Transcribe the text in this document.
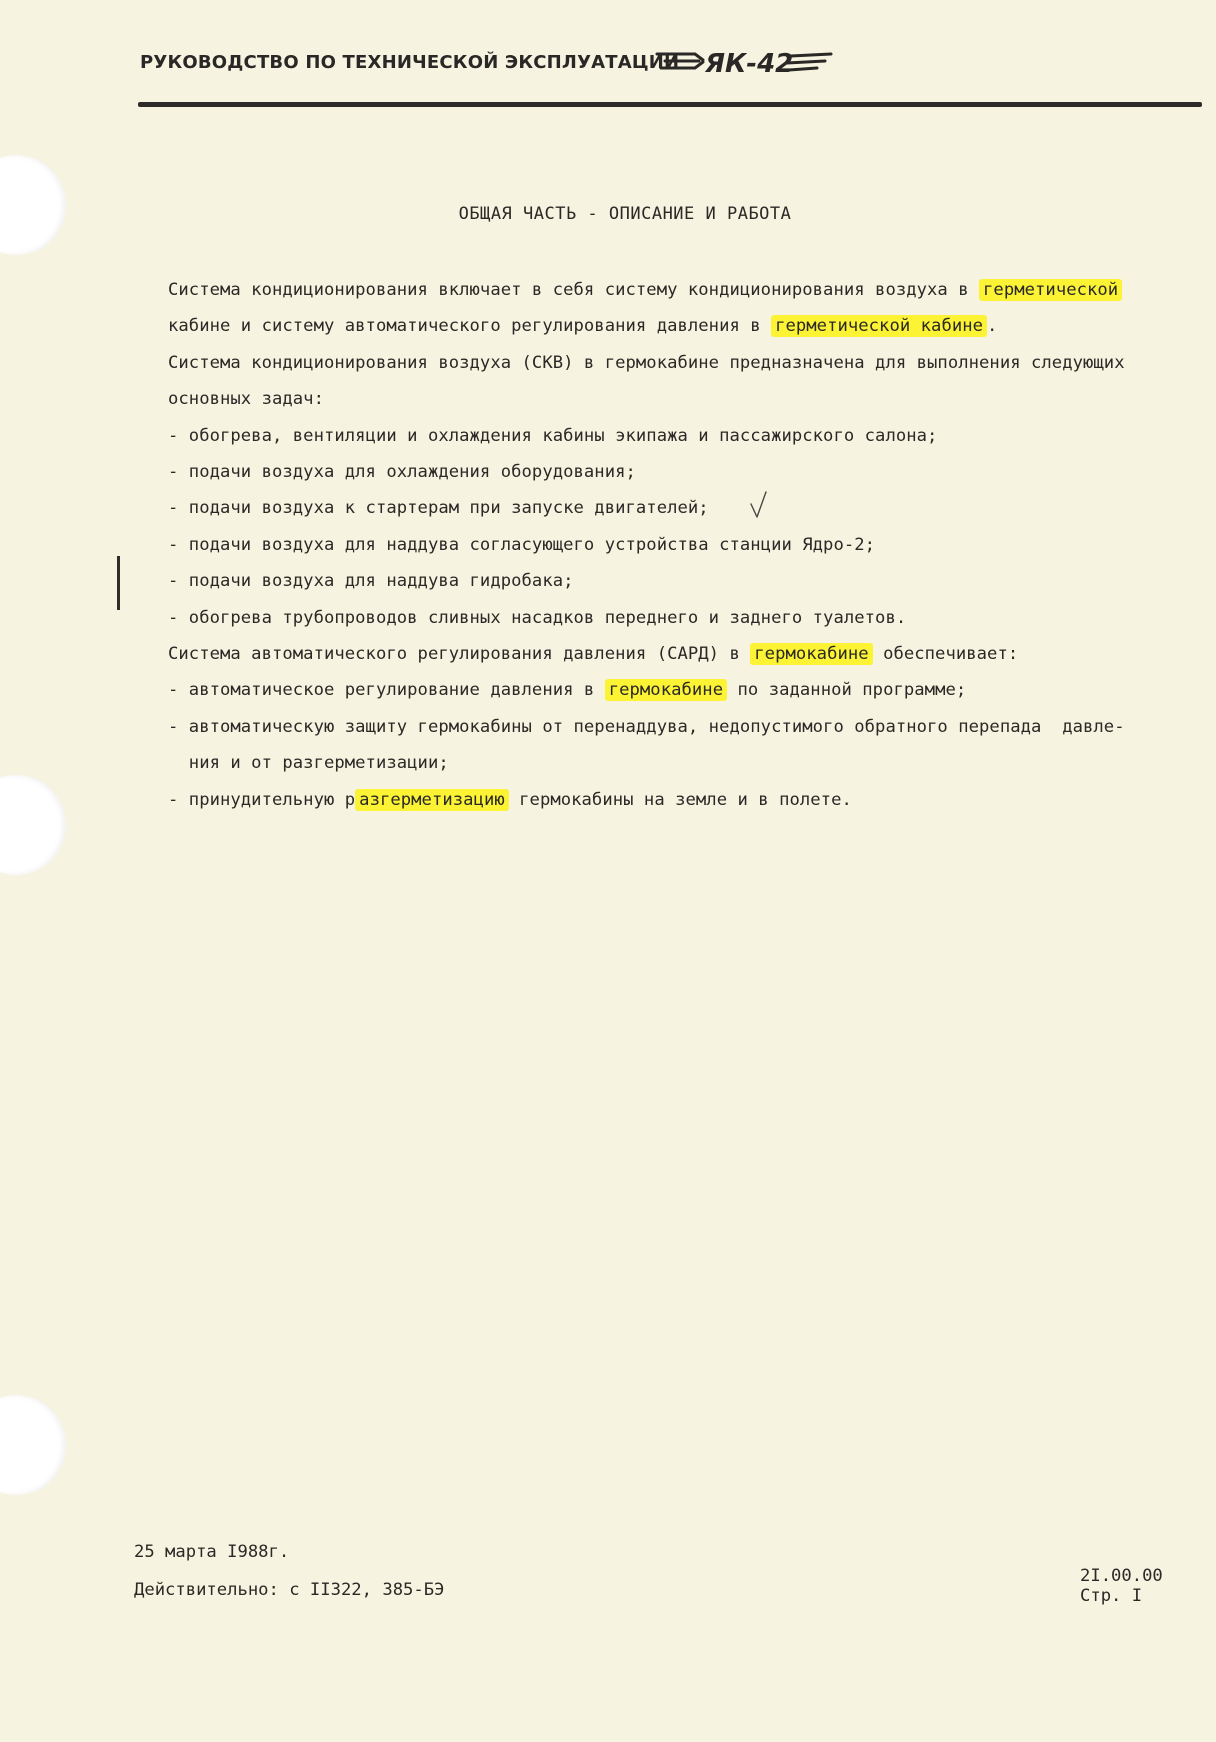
РУКОВОДСТВО ПО ТЕХНИЧЕСКОЙ ЭКСПЛУАТАЦИИ ЯК-42
ОБЩАЯ ЧАСТЬ - ОПИСАНИЕ И РАБОТА
Система кондиционирования включает в себя систему кондиционирования воздуха в герметической
кабине и систему автоматического регулирования давления в герметической кабине .
Система кондиционирования воздуха (СКВ) в гермокабине предназначена для выполнения следующих
основных задач:
- обогрева, вентиляции и охлаждения кабины экипажа и пассажирского салона;
- подачи воздуха для охлаждения оборудования;
- подачи воздуха к стартерам при запуске двигателей;
- подачи воздуха для наддува согласующего устройства станции Ядро-2;
- подачи воздуха для наддува гидробака;
- обогрева трубопроводов сливных насадков переднего и заднего туалетов.
Система автоматического регулирования давления (САРД) в гермокабине обеспечивает:
- автоматическое регулирование давления в гермокабине по заданной программе;
- автоматическую защиту гермокабины от перенаддува, недопустимого обратного перепада  давле-
ния и от разгерметизации;
- принудительную р азгерметизацию гермокабины на земле и в полете.
25 марта I988г.
Действительно: с II322, 385-БЭ
2I.00.00
Стр. I
